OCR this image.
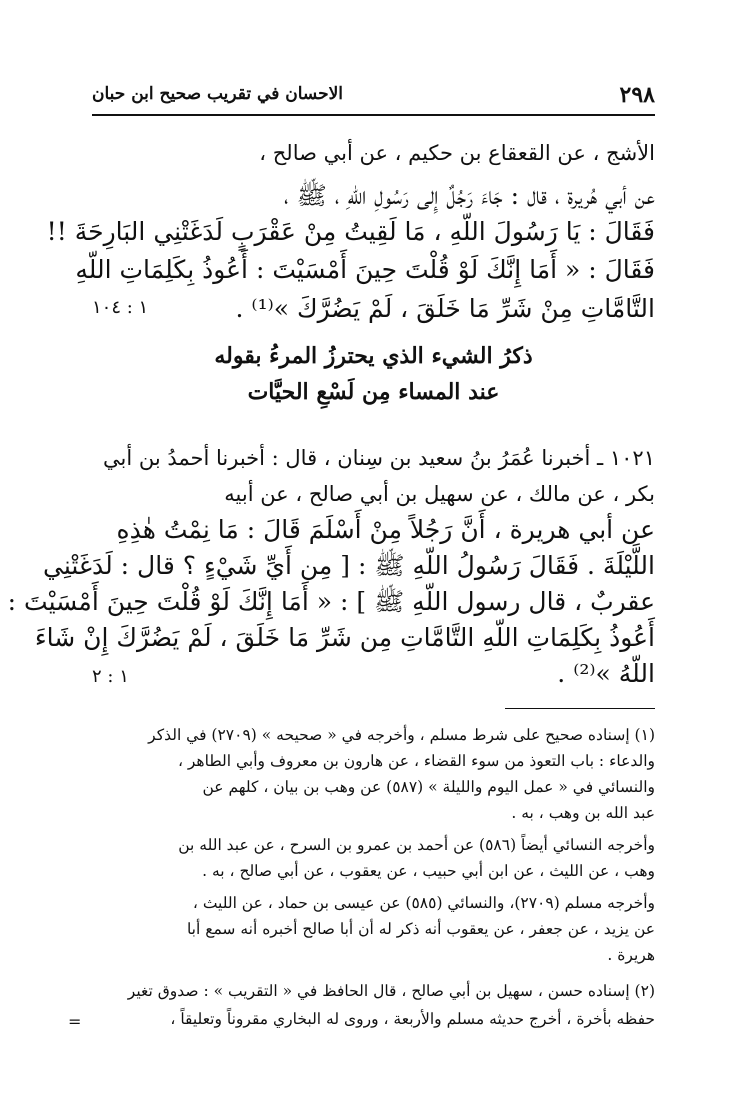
٢٩٨
الاحسان في تقريب صحيح ابن حبان
الأشج ، عن القعقاع بن حكيم ، عن أبي صالح ،
عن أبي هُريرة ، قال : جَاءَ رَجُلٌ إِلى رَسُولِ اللّهِ ، ﷺ ،
فَقَالَ : يَا رَسُولَ اللّهِ ، مَا لَقِيتُ مِنْ عَقْرَبٍ لَدَغَتْنِي البَارِحَةَ !!
فَقَالَ : « أَمَا إِنَّكَ لَوْ قُلْتَ حِينَ أَمْسَيْتَ : أَعُوذُ بِكَلِمَاتِ اللّهِ
التَّامَّاتِ مِنْ شَرِّ مَا خَلَقَ ، لَمْ يَضُرَّكَ »⁽¹⁾ .
١ : ١٠٤
ذكرُ الشيء الذي يحترزُ المرءُ بقوله
عند المساء مِن لَسْعِ الحيَّات
١٠٢١ ـ أخبرنا عُمَرُ بنُ سعيد بن سِنان ، قال : أخبرنا أحمدُ بن أبي
بكر ، عن مالك ، عن سهيل بن أبي صالح ، عن أبيه
عن أبي هريرة ، أَنَّ رَجُلاً مِنْ أَسْلَمَ قَالَ : مَا نِمْتُ هٰذِهِ
اللَّيْلَةَ . فَقَالَ رَسُولُ اللّهِ ﷺ : [ مِن أَيِّ شَيْءٍ ؟ قال : لَدَغَتْنِي
عقربٌ ، قال رسول اللّهِ ﷺ ] : « أَمَا إِنَّكَ لَوْ قُلْتَ حِينَ أَمْسَيْتَ :
أَعُوذُ بِكَلِمَاتِ اللّهِ التَّامَّاتِ مِن شَرِّ مَا خَلَقَ ، لَمْ يَضُرَّكَ إِنْ شَاءَ
اللّهُ »⁽²⁾ .
١ : ٢
(١) إسناده صحيح على شرط مسلم ، وأخرجه في « صحيحه » (٢٧٠٩) في الذكر
والدعاء : باب التعوذ من سوء القضاء ، عن هارون بن معروف وأبي الطاهر ،
والنسائي في « عمل اليوم والليلة » (٥٨٧) عن وهب بن بيان ، كلهم عن
عبد الله بن وهب ، به .
وأخرجه النسائي أيضاً (٥٨٦) عن أحمد بن عمرو بن السرح ، عن عبد الله بن
وهب ، عن الليث ، عن ابن أبي حبيب ، عن يعقوب ، عن أبي صالح ، به .
وأخرجه مسلم (٢٧٠٩)، والنسائي (٥٨٥) عن عيسى بن حماد ، عن الليث ،
عن يزيد ، عن جعفر ، عن يعقوب أنه ذكر له أن أبا صالح أخبره أنه سمع أبا
هريرة .
(٢) إسناده حسن ، سهيل بن أبي صالح ، قال الحافظ في « التقريب » : صدوق تغير
حفظه بأخرة ، أخرج حديثه مسلم والأربعة ، وروى له البخاري مقروناً وتعليقاً ،
=
